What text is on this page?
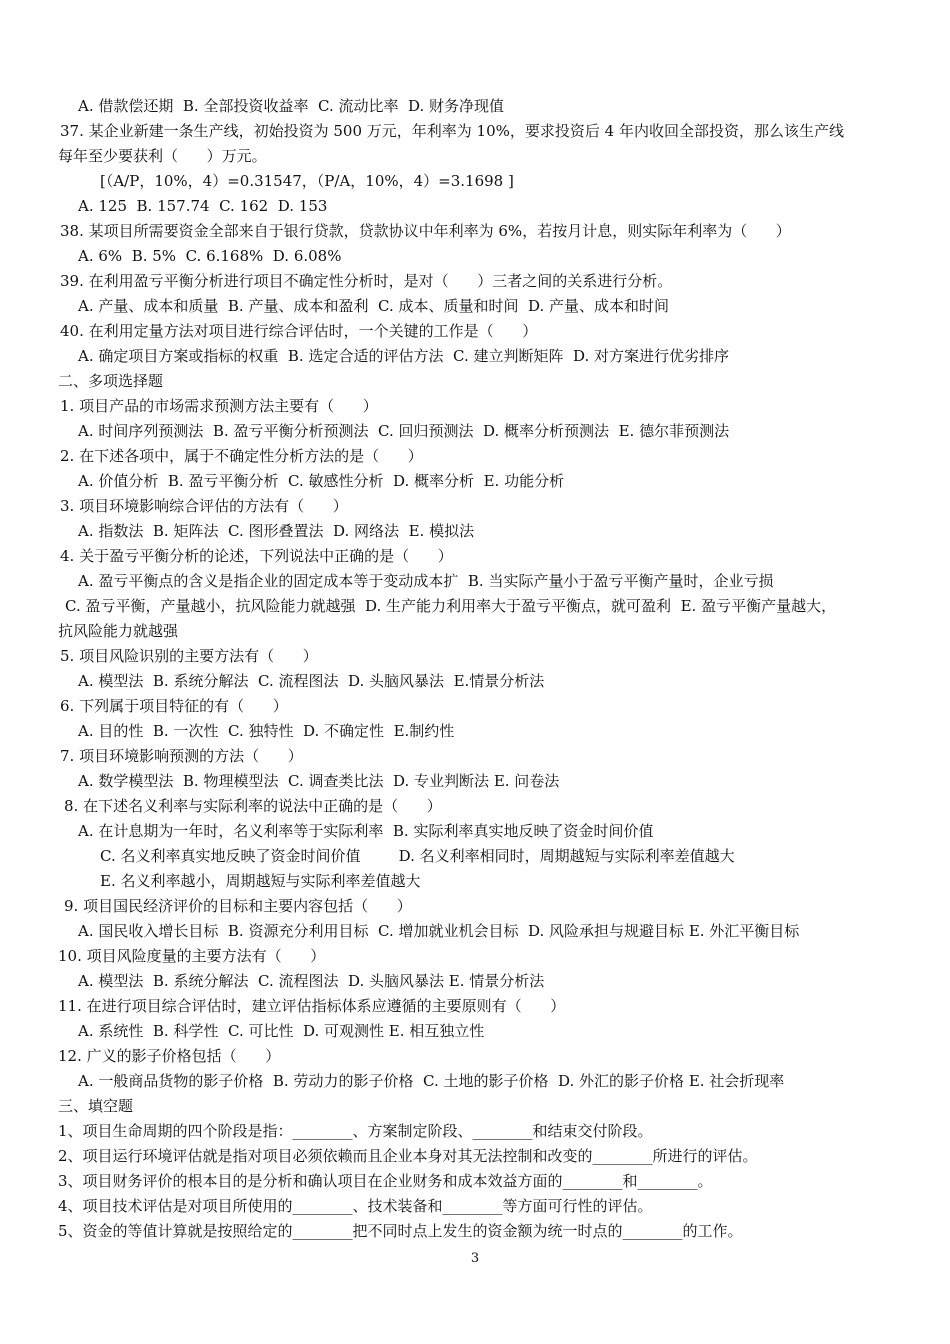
A. 借款偿还期  B. 全部投资收益率  C. 流动比率  D. 财务净现值
37. 某企业新建一条生产线，初始投资为 500 万元，年利率为 10%，要求投资后 4 年内收回全部投资，那么该生产线
每年至少要获利（      ）万元。
[（A/P，10%，4）=0.31547，（P/A，10%，4）=3.1698 ]
A. 125  B. 157.74  C. 162  D. 153
38. 某项目所需要资金全部来自于银行贷款，贷款协议中年利率为 6%，若按月计息，则实际年利率为（      ）
A. 6%  B. 5%  C. 6.168%  D. 6.08%
39. 在利用盈亏平衡分析进行项目不确定性分析时，是对（      ）三者之间的关系进行分析。
A. 产量、成本和质量  B. 产量、成本和盈利  C. 成本、质量和时间  D. 产量、成本和时间
40. 在利用定量方法对项目进行综合评估时，一个关键的工作是（      ）
A. 确定项目方案或指标的权重  B. 选定合适的评估方法  C. 建立判断矩阵  D. 对方案进行优劣排序
二、多项选择题
1. 项目产品的市场需求预测方法主要有（      ）
A. 时间序列预测法  B. 盈亏平衡分析预测法  C. 回归预测法  D. 概率分析预测法  E. 德尔菲预测法
2. 在下述各项中，属于不确定性分析方法的是（      ）
A. 价值分析  B. 盈亏平衡分析  C. 敏感性分析  D. 概率分析  E. 功能分析
3. 项目环境影响综合评估的方法有（      ）
A. 指数法  B. 矩阵法  C. 图形叠置法  D. 网络法  E. 模拟法
4. 关于盈亏平衡分析的论述，下列说法中正确的是（      ）
A. 盈亏平衡点的含义是指企业的固定成本等于变动成本扩  B. 当实际产量小于盈亏平衡产量时，企业亏损
C. 盈亏平衡，产量越小，抗风险能力就越强  D. 生产能力利用率大于盈亏平衡点，就可盈利  E. 盈亏平衡产量越大，
抗风险能力就越强
5. 项目风险识别的主要方法有（      ）
A. 模型法  B. 系统分解法  C. 流程图法  D. 头脑风暴法  E.情景分析法
6. 下列属于项目特征的有（      ）
A. 目的性  B. 一次性  C. 独特性  D. 不确定性  E.制约性
7. 项目环境影响预测的方法（      ）
A. 数学模型法  B. 物理模型法  C. 调查类比法  D. 专业判断法 E. 问卷法
8. 在下述名义利率与实际利率的说法中正确的是（      ）
A. 在计息期为一年时，名义利率等于实际利率  B. 实际利率真实地反映了资金时间价值
C. 名义利率真实地反映了资金时间价值        D. 名义利率相同时，周期越短与实际利率差值越大
E. 名义利率越小，周期越短与实际利率差值越大
9. 项目国民经济评价的目标和主要内容包括（      ）
A. 国民收入增长目标  B. 资源充分利用目标  C. 增加就业机会目标  D. 风险承担与规避目标 E. 外汇平衡目标
10. 项目风险度量的主要方法有（      ）
A. 模型法  B. 系统分解法  C. 流程图法  D. 头脑风暴法 E. 情景分析法
11. 在进行项目综合评估时，建立评估指标体系应遵循的主要原则有（      ）
A. 系统性  B. 科学性  C. 可比性  D. 可观测性 E. 相互独立性
12. 广义的影子价格包括（      ）
A. 一般商品货物的影子价格  B. 劳动力的影子价格  C. 土地的影子价格  D. 外汇的影子价格 E. 社会折现率
三、填空题
1、项目生命周期的四个阶段是指：________、方案制定阶段、________和结束交付阶段。
2、项目运行环境评估就是指对项目必须依赖而且企业本身对其无法控制和改变的________所进行的评估。
3、项目财务评价的根本目的是分析和确认项目在企业财务和成本效益方面的________和________。
4、项目技术评估是对项目所使用的________、技术装备和________等方面可行性的评估。
5、资金的等值计算就是按照给定的________把不同时点上发生的资金额为统一时点的________的工作。
3
